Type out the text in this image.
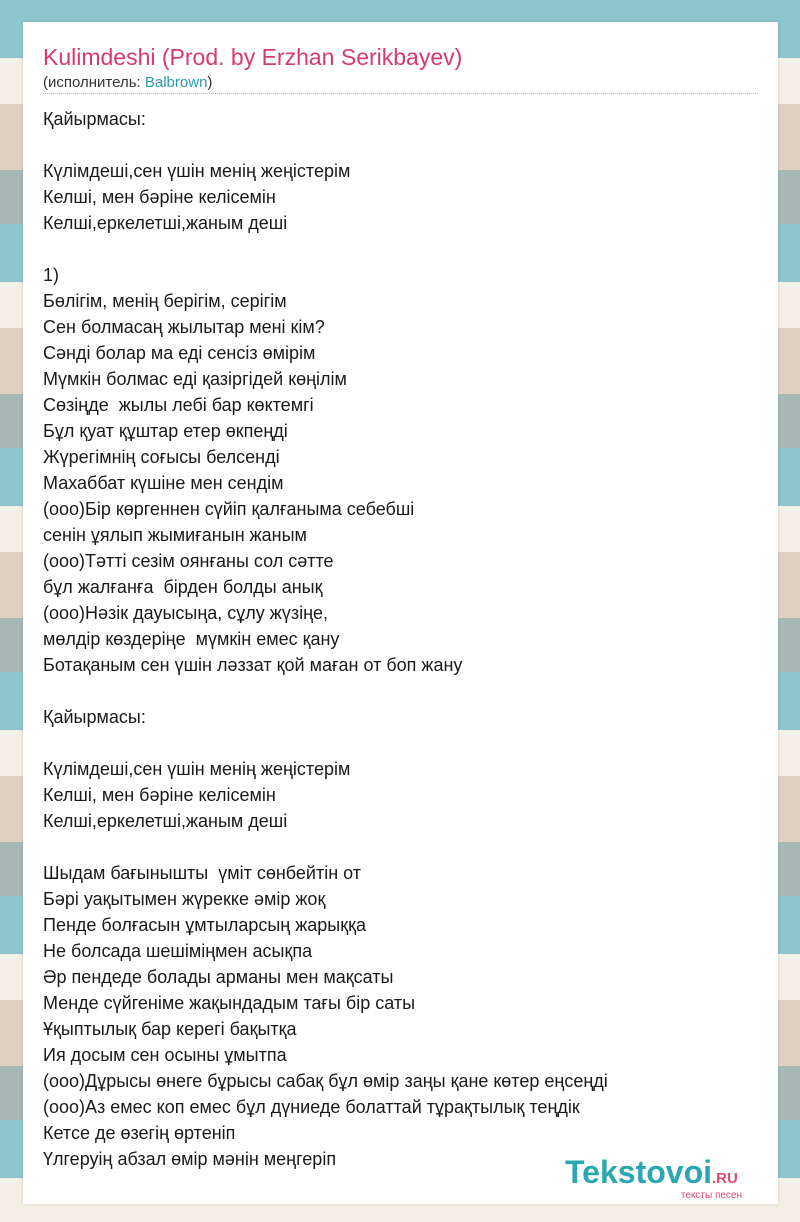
Kulimdeshi (Prod. by Erzhan Serikbayev)
(исполнитель: Balbrown)
Қайырмасы:
Күлімдеші,сен үшін менің жеңістерім
Келші, мен бәріне келісемін
Келші,еркелетші,жаным деші
1)
Бөлігім, менің берігім, серігім
Сен болмасаң жылытар мені кім?
Сәнді болар ма еді сенсіз өмірім
Мүмкін болмас еді қазіргідей көңілім
Сөзіңде  жылы лебі бар көктемгі
Бұл қуат құштар етер өкпеңді
Жүрегімнің соғысы белсенді
Махаббат күшіне мен сендім
(ооо)Бір көргеннен сүйіп қалғаныма себебші
сенін ұялып жымиғанын жаным
(ооо)Тәтті сезім оянғаны сол сәтте
бұл жалғанға  бірден болды анық
(ооо)Нәзік дауысыңа, сұлу жүзіңе,
мөлдір көздеріңе  мүмкін емес қану
Ботақаным сен үшін ләззат қой маған от боп жану
Қайырмасы:
Күлімдеші,сен үшін менің жеңістерім
Келші, мен бәріне келісемін
Келші,еркелетші,жаным деші
Шыдам бағынышты  үміт сөнбейтін от
Бәрі уақытымен жүрекке әмір жоқ
Пенде болғасын ұмтыларсың жарыққа
Не болсада шешіміңмен асықпа
Әр пендеде болады арманы мен мақсаты
Менде сүйгеніме жақындадым тағы бір саты
Ұқыптылық бар керегі бақытқа
Ия досым сен осыны ұмытпа
(ооо)Дұрысы өнеге бұрысы сабақ бұл өмір заңы қане көтер еңсеңді
(ооо)Аз емес коп емес бұл дүниеде болаттай тұрақтылық теңдік
Кетсе де өзегің өртеніп
Үлгеруің абзал өмір мәнін меңгеріп	Tekstovoi.RU
тексты песен
